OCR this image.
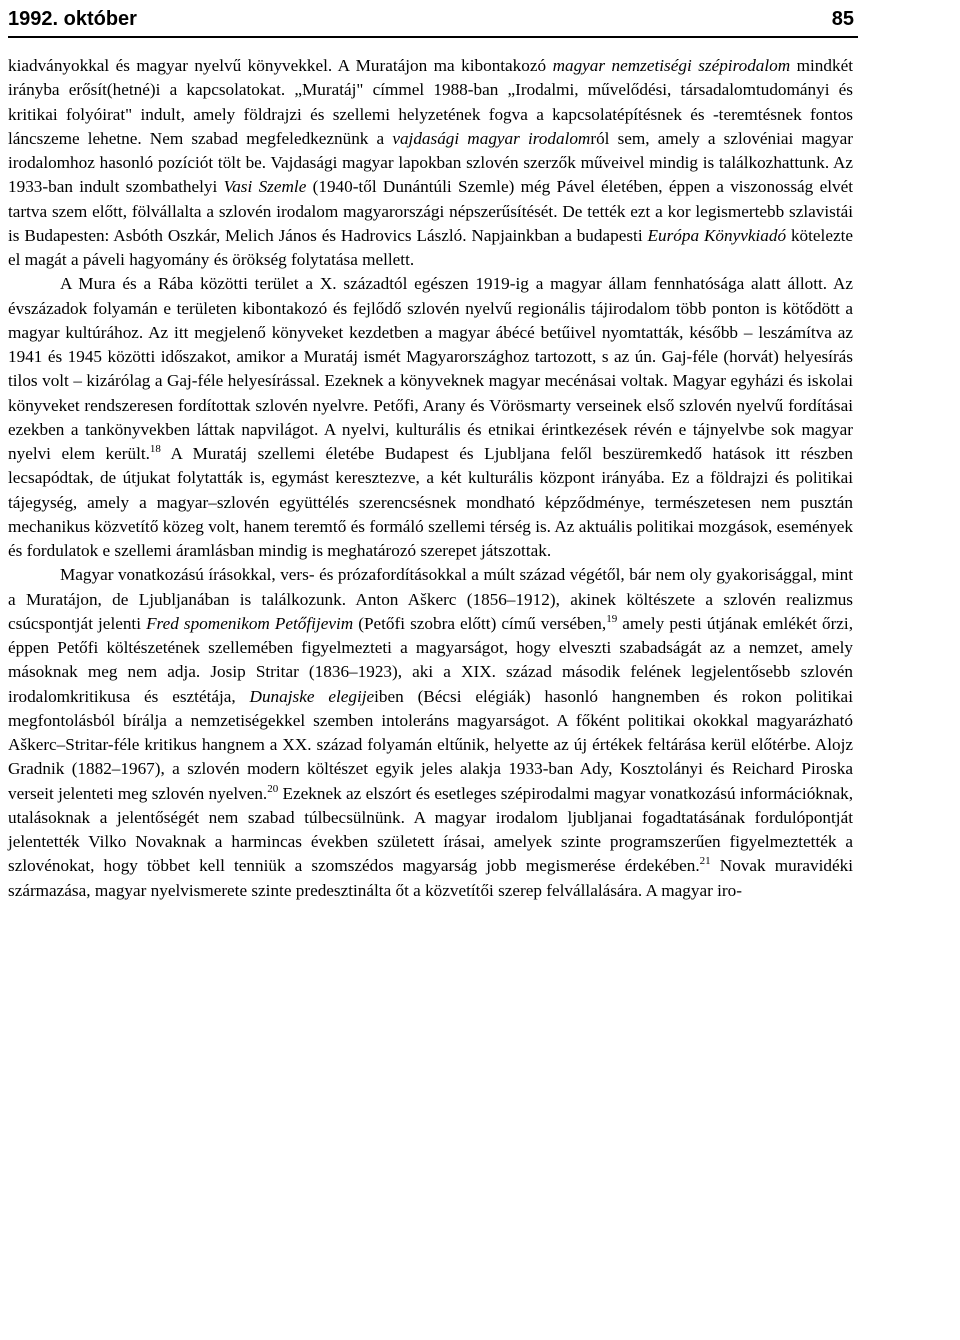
1992. október	85

kiadványokkal és magyar nyelvű könyvekkel. A Muratájon ma kibontakozó magyar nemzetiségi szépirodalom mindkét irányba erősít(hetné)i a kapcsolatokat. „Muratáj" címmel 1988-ban „Irodalmi, művelődési, társadalomtudományi és kritikai folyóirat" indult, amely földrajzi és szellemi helyzetének fogva a kapcsolatépítésnek és -teremtésnek fontos láncszeme lehetne. Nem szabad megfeledkeznünk a vajdasági magyar irodalomról sem, amely a szlovéniai magyar irodalomhoz hasonló pozíciót tölt be. Vajdasági magyar lapokban szlovén szerzők műveivel mindig is találkozhattunk. Az 1933-ban indult szombathelyi Vasi Szemle (1940-től Dunántúli Szemle) még Pável életében, éppen a viszonosság elvét tartva szem előtt, fölvállalta a szlovén irodalom magyarországi népszerűsítését. De tették ezt a kor legismertebb szlavistái is Budapesten: Asbóth Oszkár, Melich János és Hadrovics László. Napjainkban a budapesti Európa Könyvkiadó kötelezte el magát a páveli hagyomány és örökség folytatása mellett.

A Mura és a Rába közötti terület a X. századtól egészen 1919-ig a magyar állam fennhatósága alatt állott. Az évszázadok folyamán e területen kibontakozó és fejlődő szlovén nyelvű regionális tájirodalom több ponton is kötődött a magyar kultúrához. Az itt megjelenő könyveket kezdetben a magyar ábécé betűivel nyomtatták, később – leszámítva az 1941 és 1945 közötti időszakot, amikor a Muratáj ismét Magyarországhoz tartozott, s az ún. Gaj-féle (horvát) helyesírás tilos volt – kizárólag a Gaj-féle helyesírással. Ezeknek a könyveknek magyar mecénásai voltak. Magyar egyházi és iskolai könyveket rendszeresen fordítottak szlovén nyelvre. Petőfi, Arany és Vörösmarty verseinek első szlovén nyelvű fordításai ezekben a tankönyvekben láttak napvilágot. A nyelvi, kulturális és etnikai érintkezések révén e tájnyelvbe sok magyar nyelvi elem került.$^{18}$ A Muratáj szellemi életébe Budapest és Ljubljana felől beszüremkedő hatások itt részben lecsapódtak, de útjukat folytatták is, egymást keresztezve, a két kulturális központ irányába. Ez a földrajzi és politikai tájegység, amely a magyar–szlovén együttélés szerencsésnek mondható képződménye, természetesen nem pusztán mechanikus közvetítő közeg volt, hanem teremtő és formáló szellemi térség is. Az aktuális politikai mozgások, események és fordulatok e szellemi áramlásban mindig is meghatározó szerepet játszottak.

Magyar vonatkozású írásokkal, vers- és prózafordításokkal a múlt század végétől, bár nem oly gyakorisággal, mint a Muratájon, de Ljubljanában is találkozunk. Anton Aškerc (1856–1912), akinek költészete a szlovén realizmus csúcspontját jelenti Fred spomenikom Petőfijevim (Petőfi szobra előtt) című versében,$^{19}$ amely pesti útjának emlékét őrzi, éppen Petőfi költészetének szellemében figyelmezteti a magyarságot, hogy elveszti szabadságát az a nemzet, amely másoknak meg nem adja. Josip Stritar (1836–1923), aki a XIX. század második felének legjelentősebb szlovén irodalomkritikusa és esztétája, Dunajske elegijeiben (Bécsi elégiák) hasonló hangnemben és rokon politikai megfontolásból bírálja a nemzetiségekkel szemben intoleráns magyarságot. A főként politikai okokkal magyarázható Aškerc–Stritar-féle kritikus hangnem a XX. század folyamán eltűnik, helyette az új értékek feltárása kerül előtérbe. Alojz Gradnik (1882–1967), a szlovén modern költészet egyik jeles alakja 1933-ban Ady, Kosztolányi és Reichard Piroska verseit jelenteti meg szlovén nyelven.$^{20}$ Ezeknek az elszórt és esetleges szépirodalmi magyar vonatkozású információknak, utalásoknak a jelentőségét nem szabad túlbecsülnünk. A magyar irodalom ljubljanai fogadtatásának fordulópontját jelentették Vilko Novaknak a harmincas években született írásai, amelyek szinte programszerűen figyelmeztették a szlovénokat, hogy többet kell tenniük a szomszédos magyarság jobb megismerése érdekében.$^{21}$ Novak muravidéki származása, magyar nyelvismerete szinte predesztinálta őt a közvetítői szerep felvállalására. A magyar iro-
